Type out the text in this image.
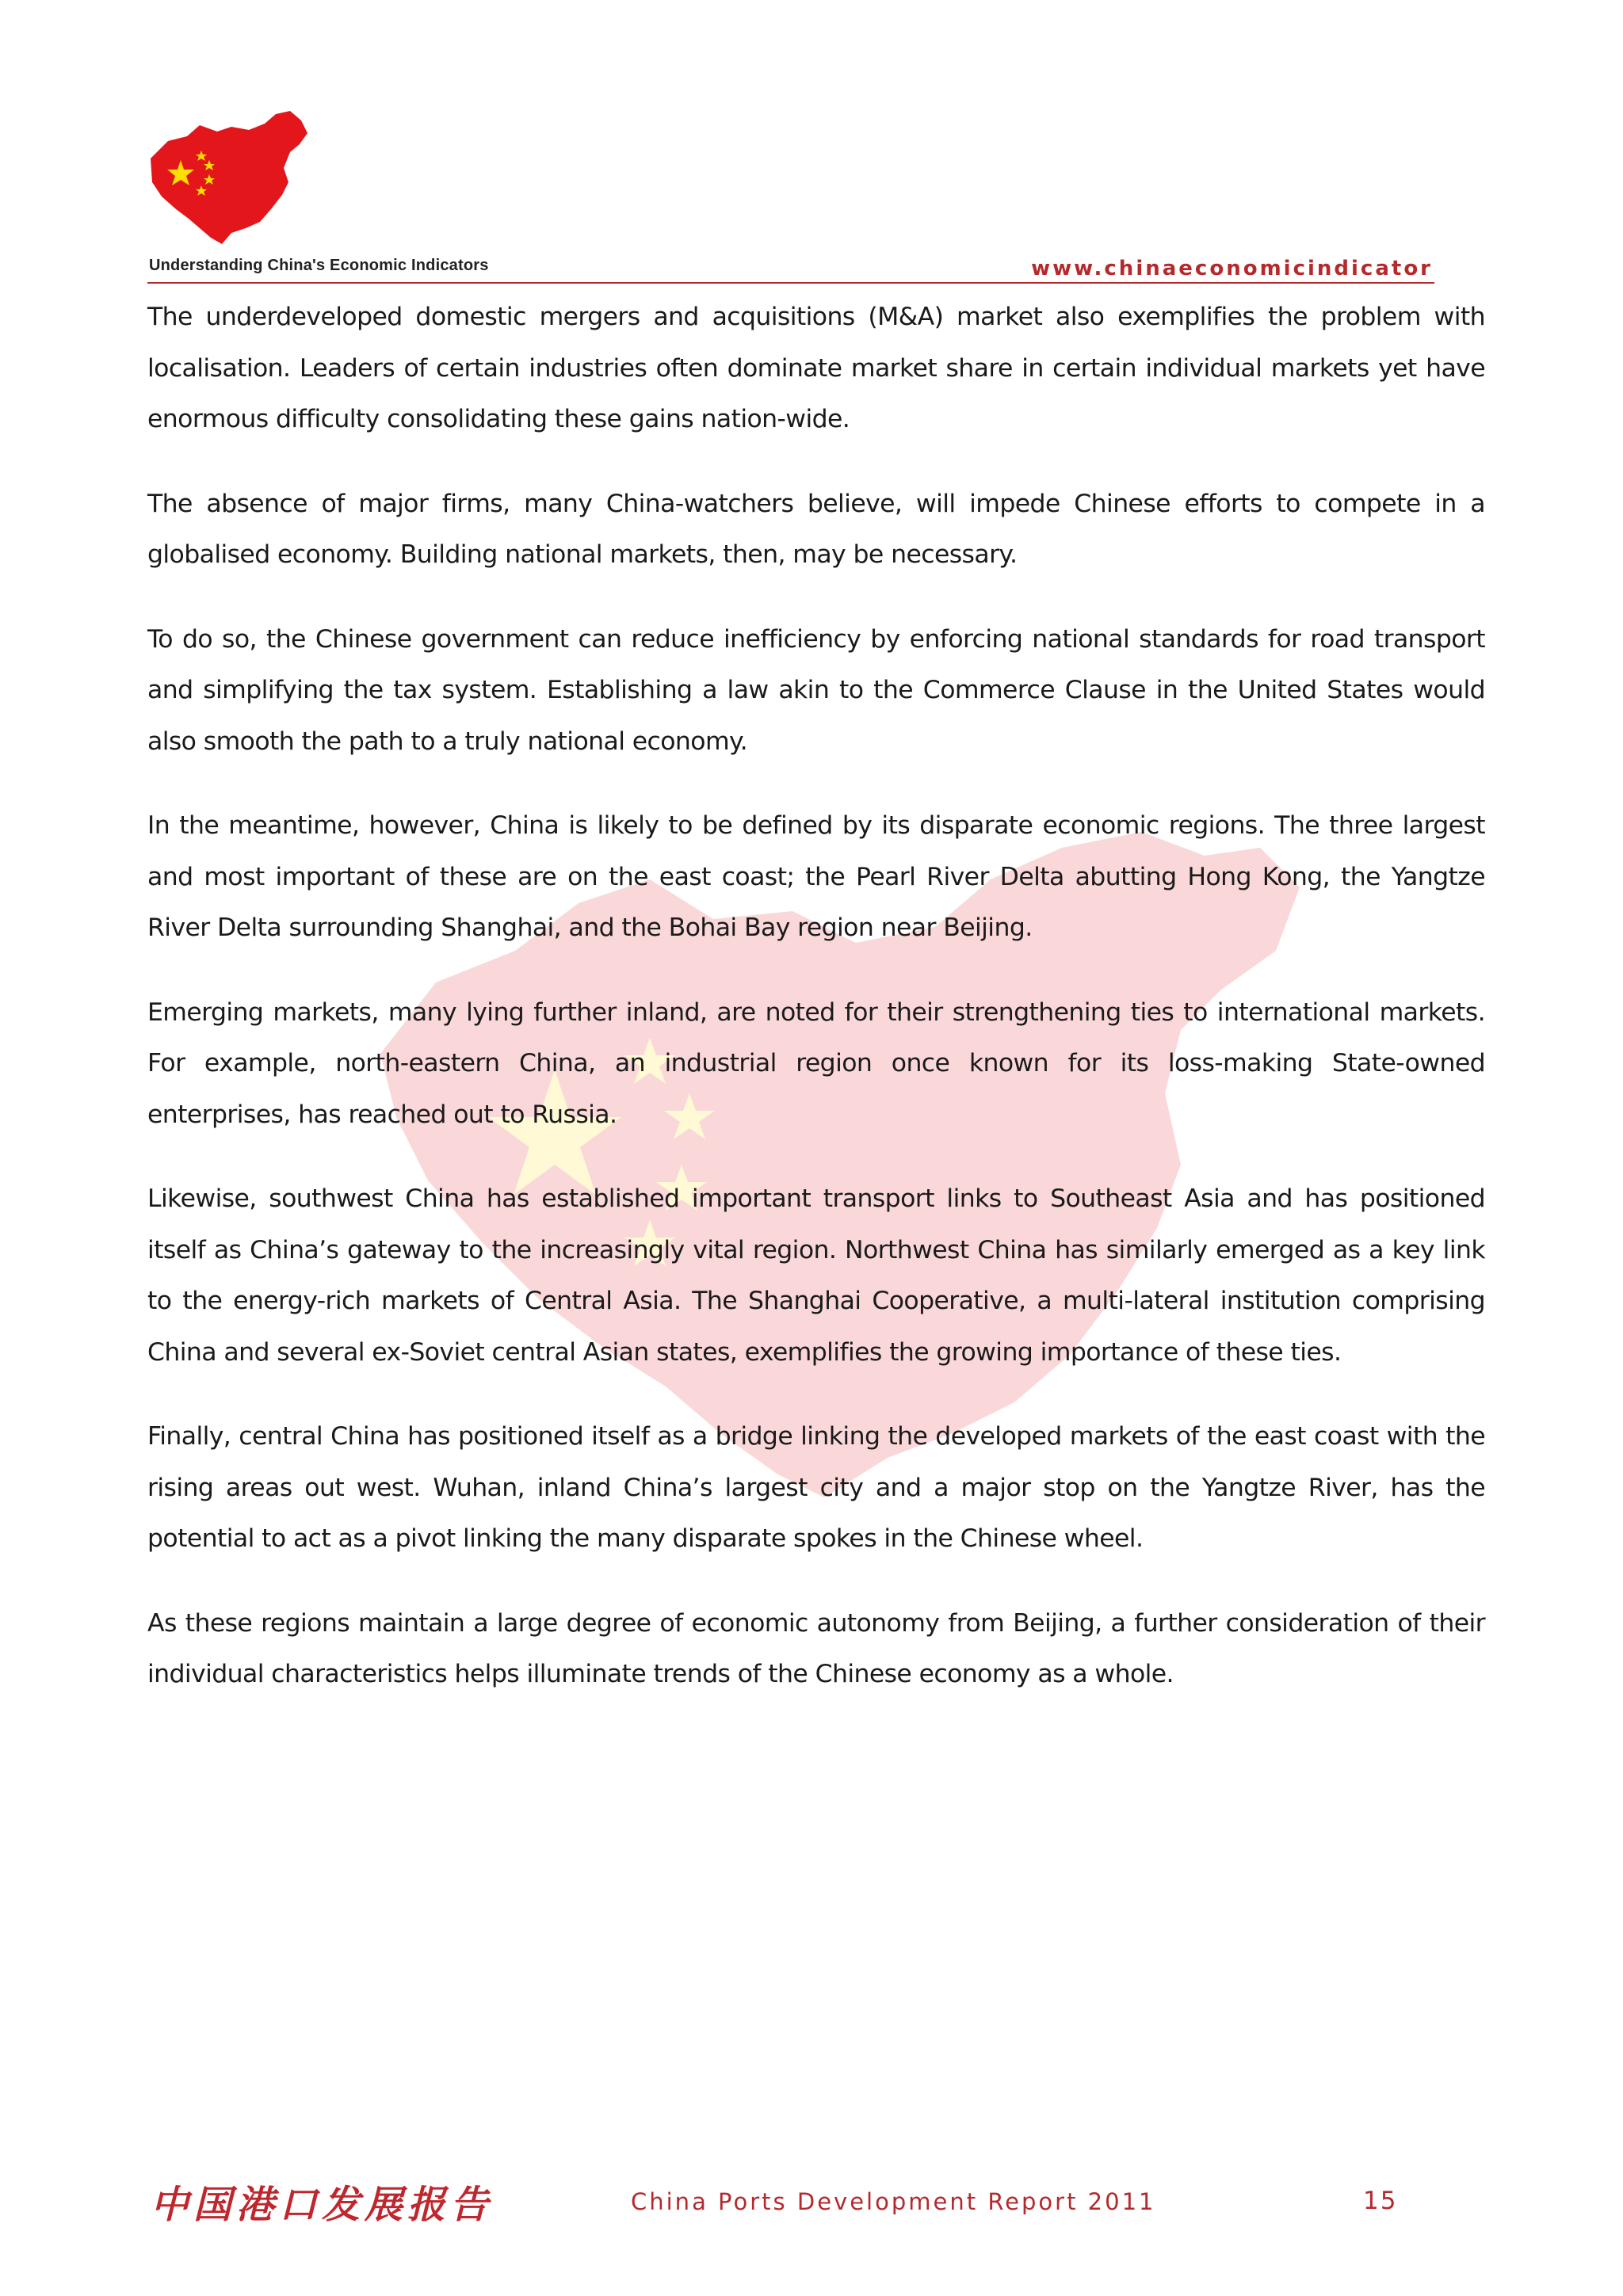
Understanding China's Economic Indicators	www.chinaeconomicindicator

The underdeveloped domestic mergers and acquisitions (M&A) market also exemplifies the problem with localisation. Leaders of certain industries often dominate market share in certain individual markets yet have enormous difficulty consolidating these gains nation-wide.

The absence of major firms, many China-watchers believe, will impede Chinese efforts to compete in a globalised economy. Building national markets, then, may be necessary.

To do so, the Chinese government can reduce inefficiency by enforcing national standards for road transport and simplifying the tax system. Establishing a law akin to the Commerce Clause in the United States would also smooth the path to a truly national economy.

In the meantime, however, China is likely to be defined by its disparate economic regions. The three largest and most important of these are on the east coast; the Pearl River Delta abutting Hong Kong, the Yangtze River Delta surrounding Shanghai, and the Bohai Bay region near Beijing.

Emerging markets, many lying further inland, are noted for their strengthening ties to international markets. For example, north-eastern China, an industrial region once known for its loss-making State-owned enterprises, has reached out to Russia.

Likewise, southwest China has established important transport links to Southeast Asia and has positioned itself as China’s gateway to the increasingly vital region. Northwest China has similarly emerged as a key link to the energy-rich markets of Central Asia. The Shanghai Cooperative, a multi-lateral institution comprising China and several ex-Soviet central Asian states, exemplifies the growing importance of these ties.

Finally, central China has positioned itself as a bridge linking the developed markets of the east coast with the rising areas out west. Wuhan, inland China’s largest city and a major stop on the Yangtze River, has the potential to act as a pivot linking the many disparate spokes in the Chinese wheel.

As these regions maintain a large degree of economic autonomy from Beijing, a further consideration of their individual characteristics helps illuminate trends of the Chinese economy as a whole.

中国港口发展报告	China Ports Development Report 2011	15
